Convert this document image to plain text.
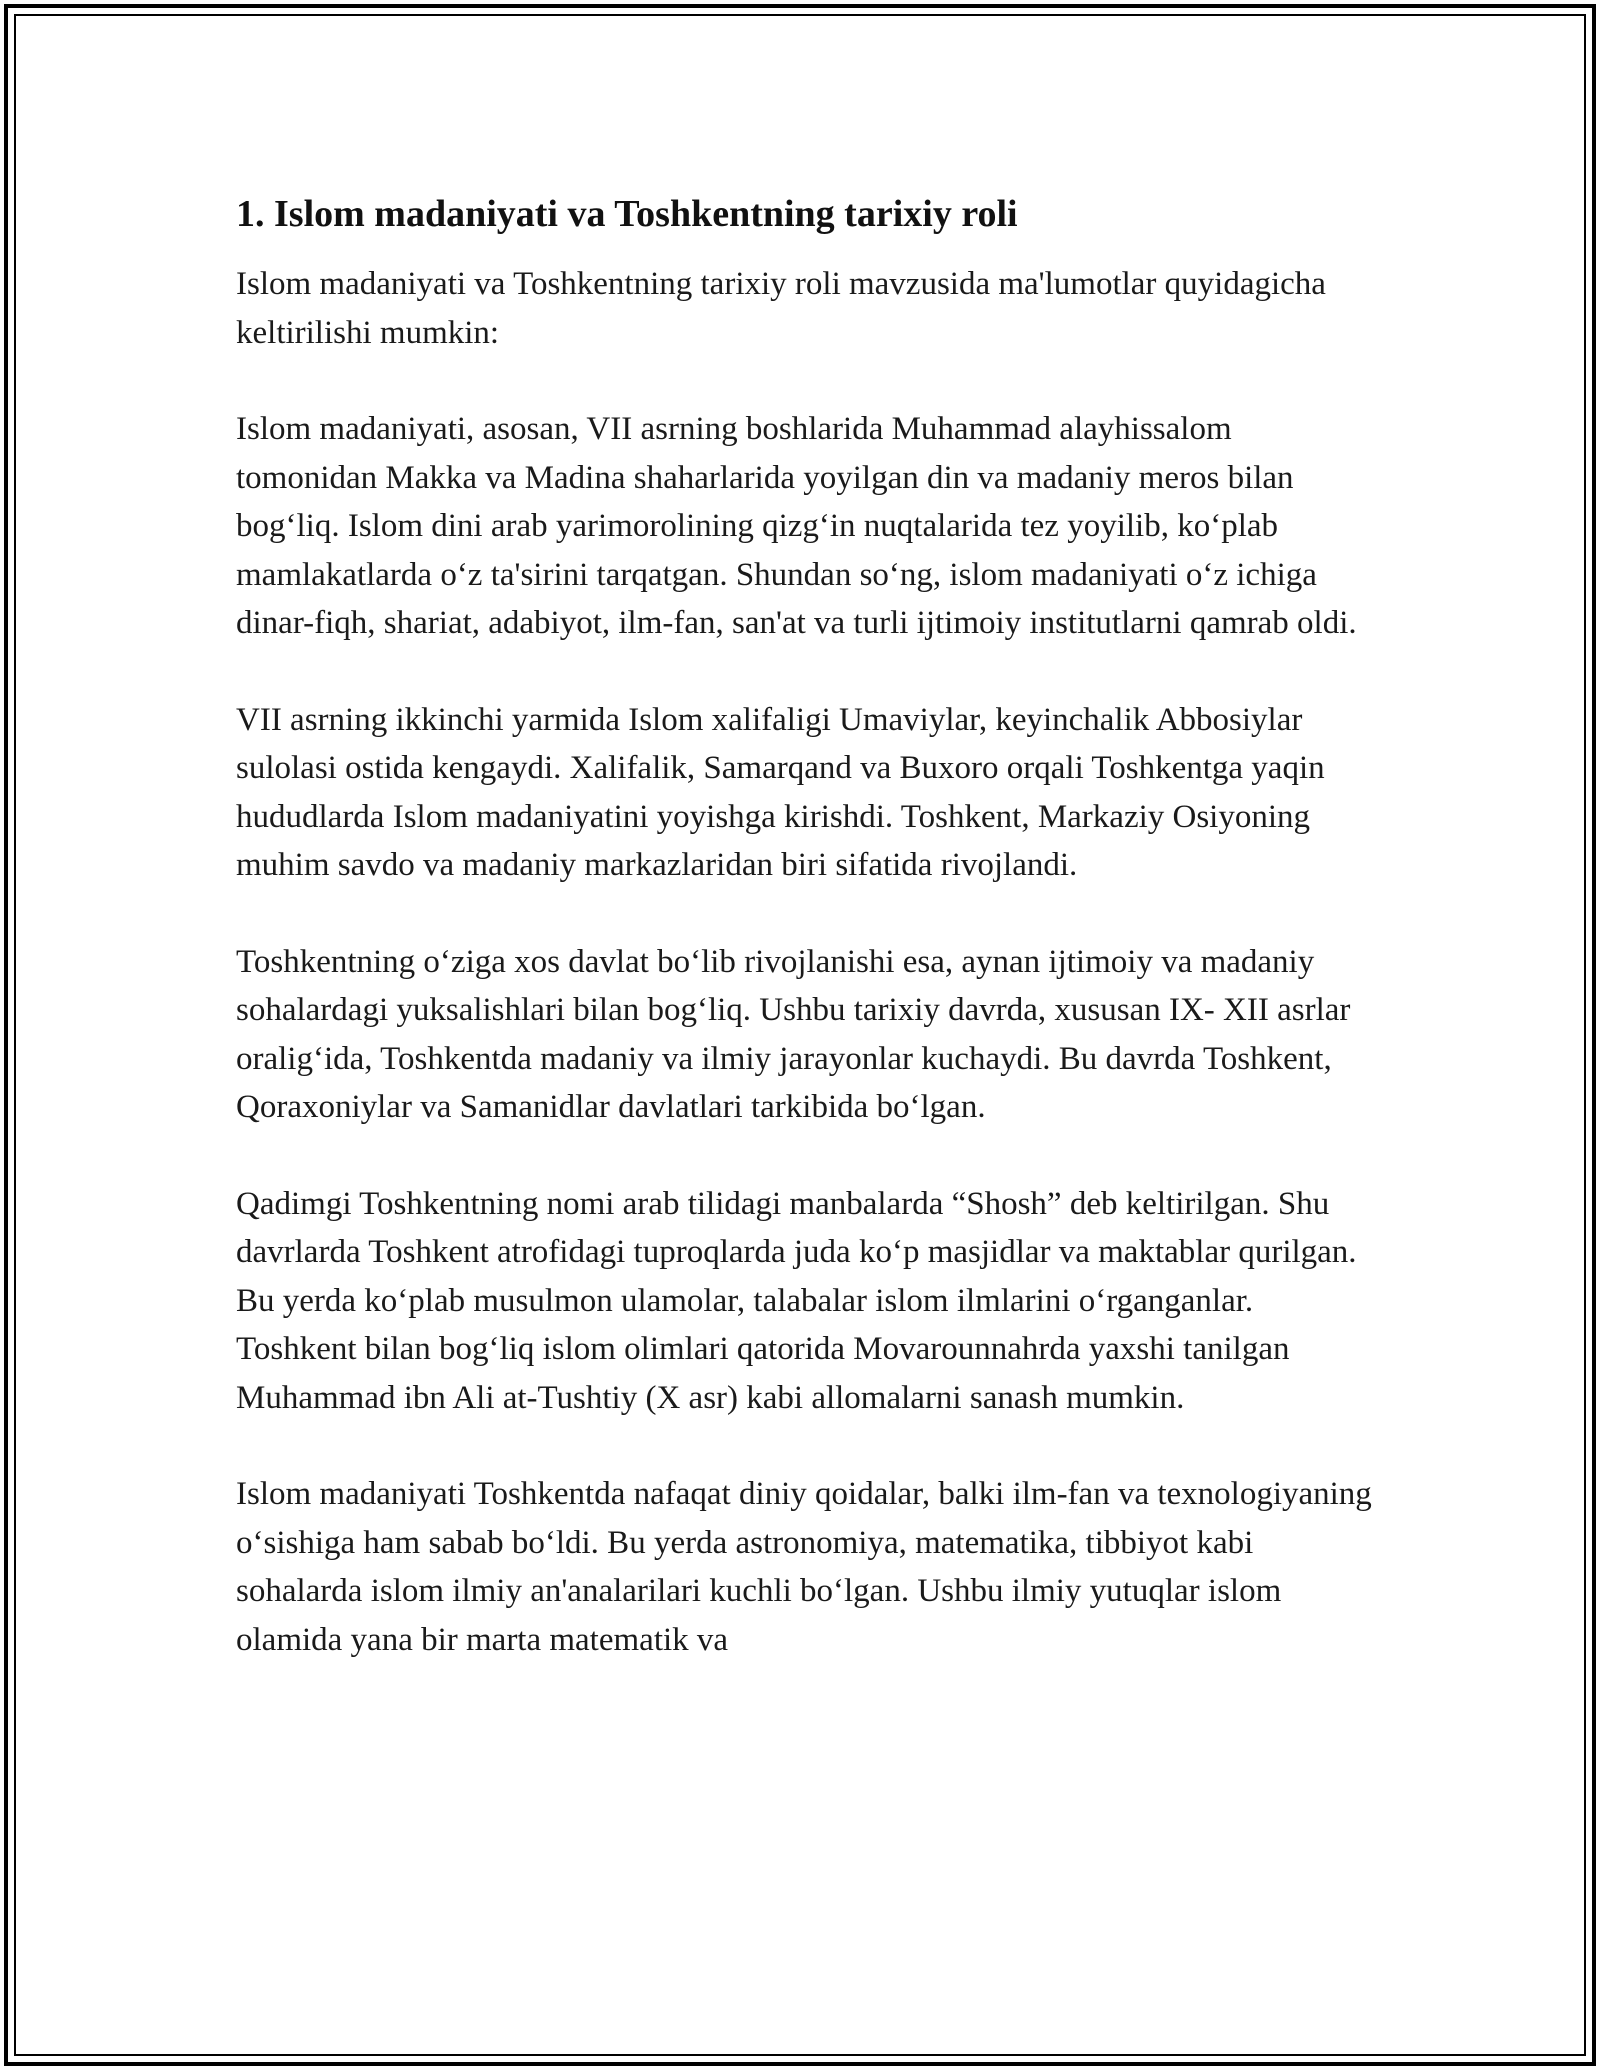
1. Islom madaniyati va Toshkentning tarixiy roli

Islom madaniyati va Toshkentning tarixiy roli mavzusida ma'lumotlar quyidagicha keltirilishi mumkin:

Islom madaniyati, asosan, VII asrning boshlarida Muhammad alayhissalom tomonidan Makka va Madina shaharlarida yoyilgan din va madaniy meros bilan bog‘liq. Islom dini arab yarimorolining qizg‘in nuqtalarida tez yoyilib, ko‘plab mamlakatlarda o‘z ta'sirini tarqatgan. Shundan so‘ng, islom madaniyati o‘z ichiga dinar-fiqh, shariat, adabiyot, ilm-fan, san'at va turli ijtimoiy institutlarni qamrab oldi.

VII asrning ikkinchi yarmida Islom xalifaligi Umaviylar, keyinchalik Abbosiylar sulolasi ostida kengaydi. Xalifalik, Samarqand va Buxoro orqali Toshkentga yaqin hududlarda Islom madaniyatini yoyishga kirishdi. Toshkent, Markaziy Osiyoning muhim savdo va madaniy markazlaridan biri sifatida rivojlandi.

Toshkentning o‘ziga xos davlat bo‘lib rivojlanishi esa, aynan ijtimoiy va madaniy sohalardagi yuksalishlari bilan bog‘liq. Ushbu tarixiy davrda, xususan IX- XII asrlar oralig‘ida, Toshkentda madaniy va ilmiy jarayonlar kuchaydi. Bu davrda Toshkent, Qoraxoniylar va Samanidlar davlatlari tarkibida bo‘lgan.

Qadimgi Toshkentning nomi arab tilidagi manbalarda “Shosh” deb keltirilgan. Shu davrlarda Toshkent atrofidagi tuproqlarda juda ko‘p masjidlar va maktablar qurilgan. Bu yerda ko‘plab musulmon ulamolar, talabalar islom ilmlarini o‘rganganlar. Toshkent bilan bog‘liq islom olimlari qatorida Movarounnahrda yaxshi tanilgan Muhammad ibn Ali at-Tushtiy (X asr) kabi allomalarni sanash mumkin.

Islom madaniyati Toshkentda nafaqat diniy qoidalar, balki ilm-fan va texnologiyaning o‘sishiga ham sabab bo‘ldi. Bu yerda astronomiya, matematika, tibbiyot kabi sohalarda islom ilmiy an'analarilari kuchli bo‘lgan. Ushbu ilmiy yutuqlar islom olamida yana bir marta matematik va
